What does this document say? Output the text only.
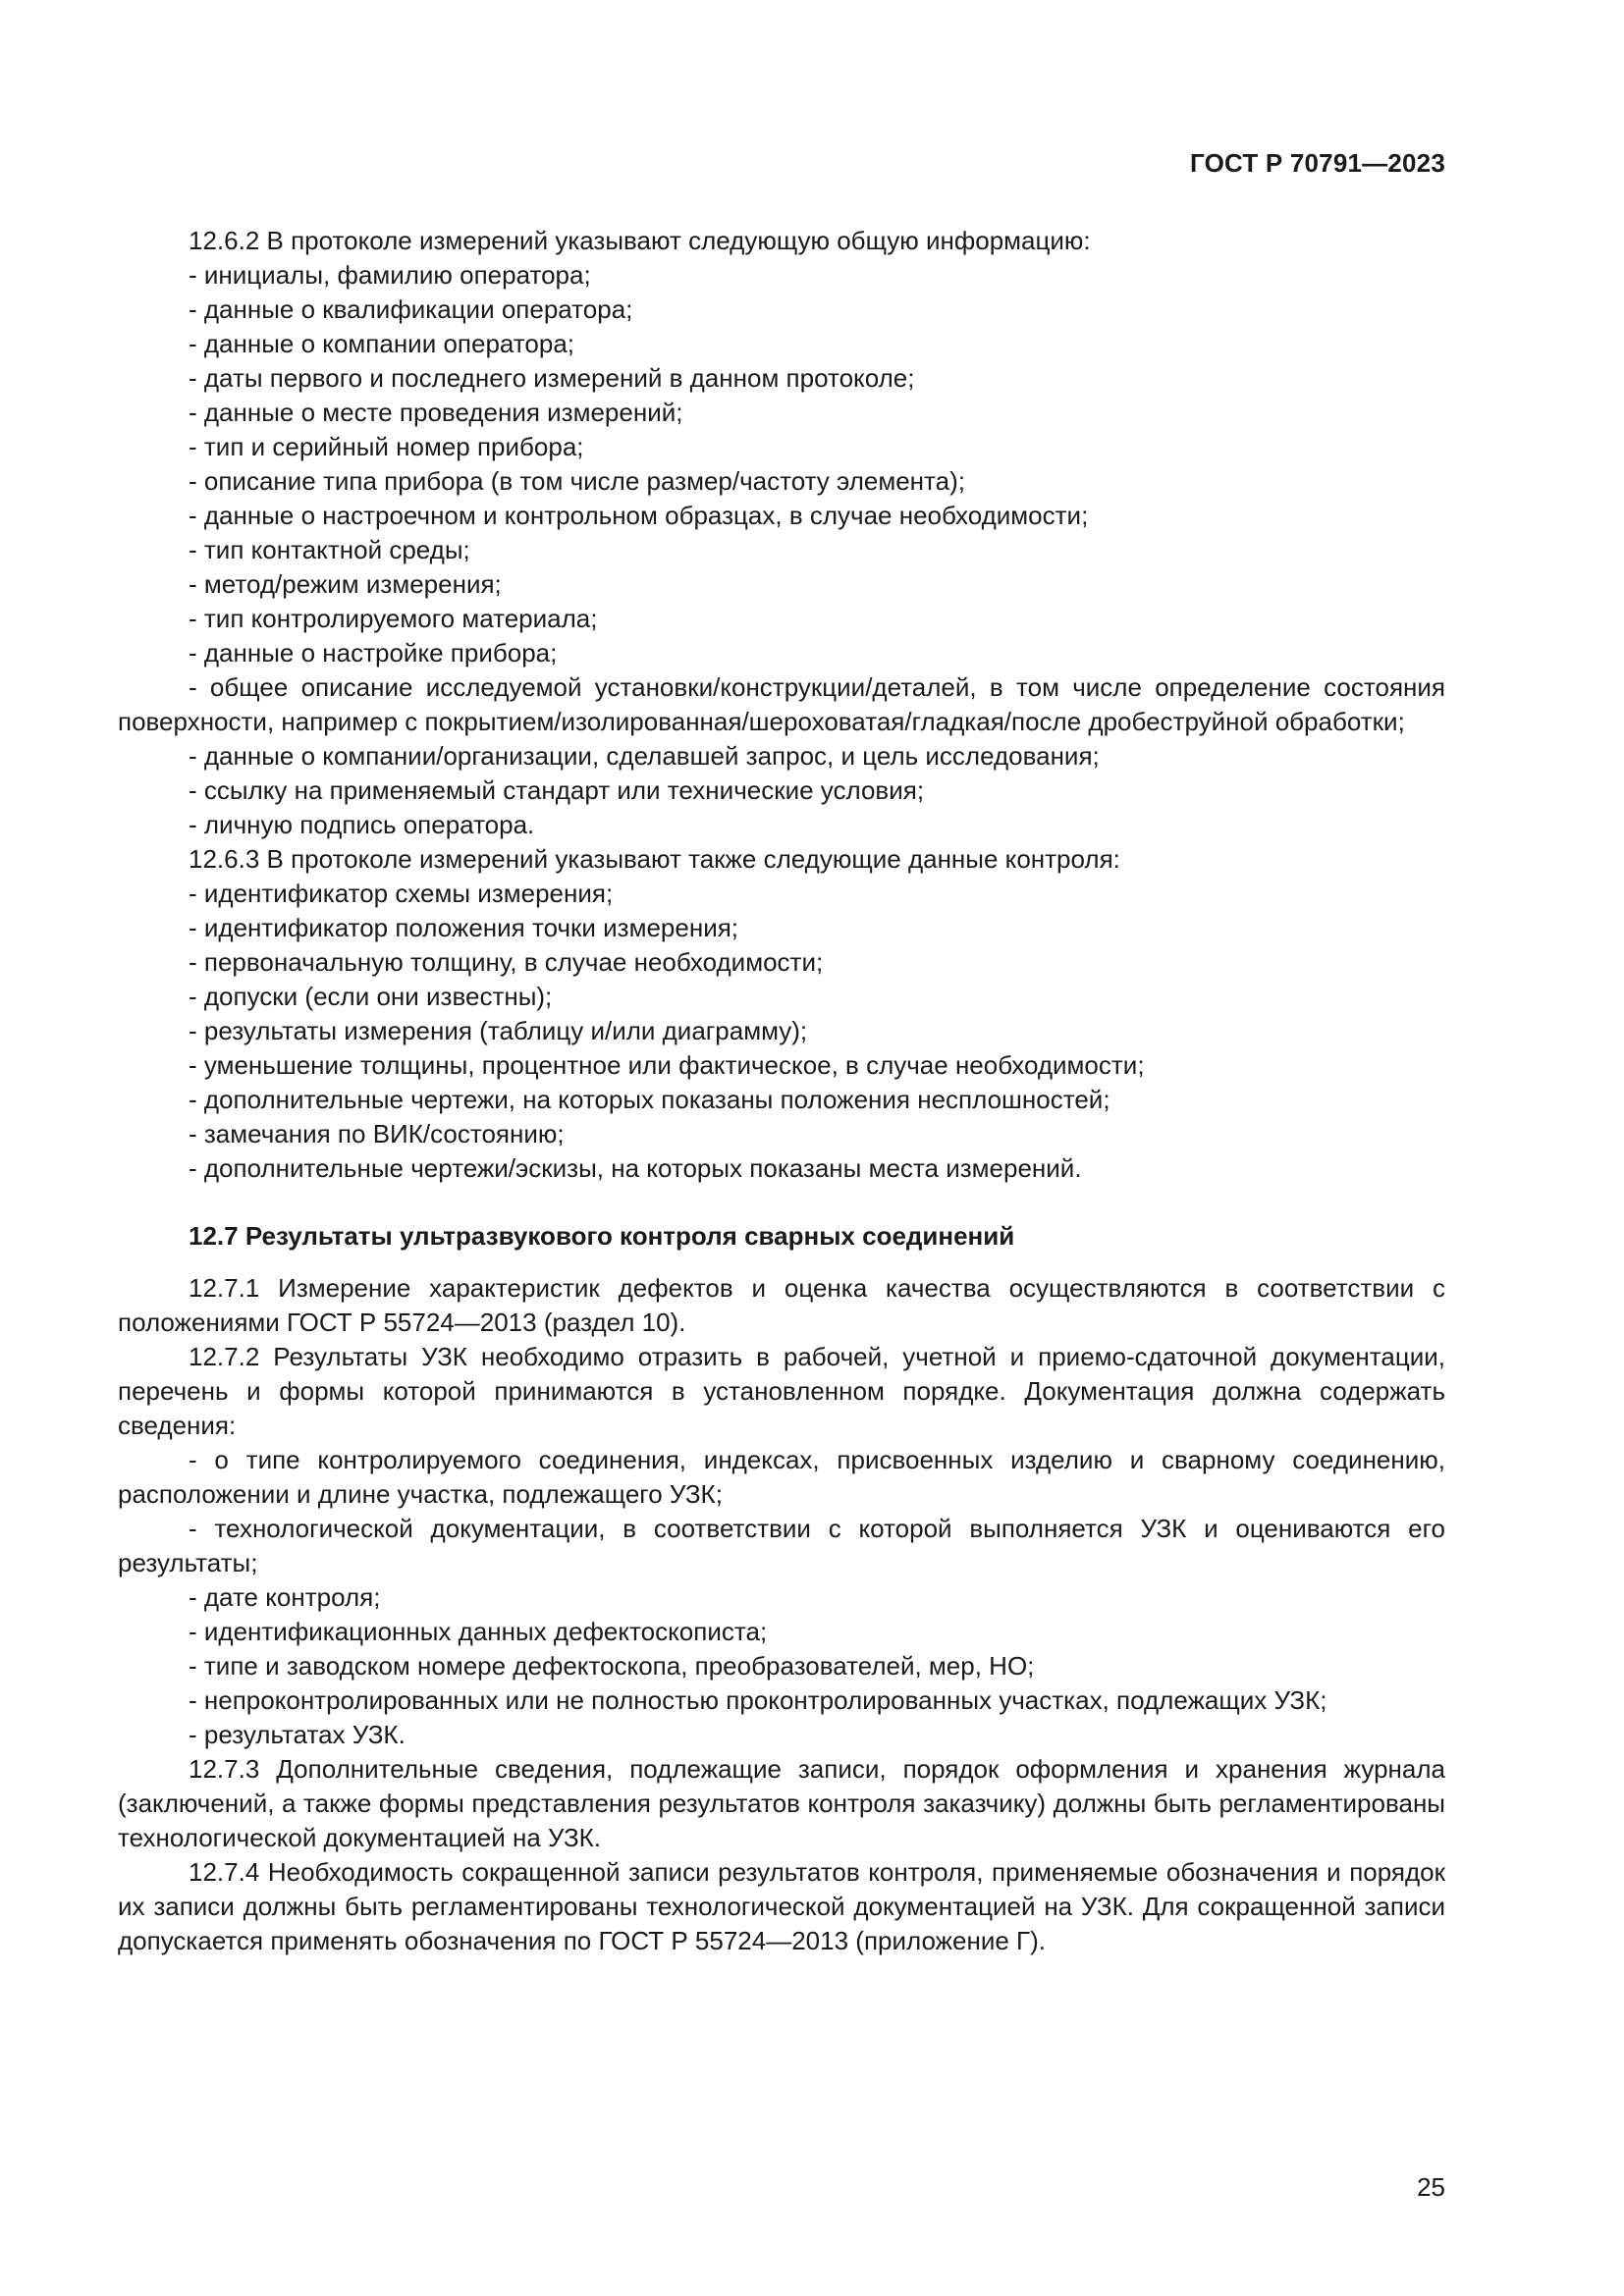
ГОСТ Р 70791—2023

12.6.2 В протоколе измерений указывают следующую общую информацию:

- инициалы, фамилию оператора;

- данные о квалификации оператора;

- данные о компании оператора;

- даты первого и последнего измерений в данном протоколе;

- данные о месте проведения измерений;

- тип и серийный номер прибора;

- описание типа прибора (в том числе размер/частоту элемента);

- данные о настроечном и контрольном образцах, в случае необходимости;

- тип контактной среды;

- метод/режим измерения;

- тип контролируемого материала;

- данные о настройке прибора;

- общее описание исследуемой установки/конструкции/деталей, в том числе определение состояния поверхности, например с покрытием/изолированная/шероховатая/гладкая/после дробеструйной обработки;

- данные о компании/организации, сделавшей запрос, и цель исследования;

- ссылку на применяемый стандарт или технические условия;

- личную подпись оператора.

12.6.3 В протоколе измерений указывают также следующие данные контроля:

- идентификатор схемы измерения;

- идентификатор положения точки измерения;

- первоначальную толщину, в случае необходимости;

- допуски (если они известны);

- результаты измерения (таблицу и/или диаграмму);

- уменьшение толщины, процентное или фактическое, в случае необходимости;

- дополнительные чертежи, на которых показаны положения несплошностей;

- замечания по ВИК/состоянию;

- дополнительные чертежи/эскизы, на которых показаны места измерений.

12.7 Результаты ультразвукового контроля сварных соединений

12.7.1 Измерение характеристик дефектов и оценка качества осуществляются в соответствии с положениями ГОСТ Р 55724—2013 (раздел 10).

12.7.2 Результаты УЗК необходимо отразить в рабочей, учетной и приемо-сдаточной документации, перечень и формы которой принимаются в установленном порядке. Документация должна содержать сведения:

- о типе контролируемого соединения, индексах, присвоенных изделию и сварному соединению, расположении и длине участка, подлежащего УЗК;

- технологической документации, в соответствии с которой выполняется УЗК и оцениваются его результаты;

- дате контроля;

- идентификационных данных дефектоскописта;

- типе и заводском номере дефектоскопа, преобразователей, мер, НО;

- непроконтролированных или не полностью проконтролированных участках, подлежащих УЗК;

- результатах УЗК.

12.7.3 Дополнительные сведения, подлежащие записи, порядок оформления и хранения журнала (заключений, а также формы представления результатов контроля заказчику) должны быть регламентированы технологической документацией на УЗК.

12.7.4 Необходимость сокращенной записи результатов контроля, применяемые обозначения и порядок их записи должны быть регламентированы технологической документацией на УЗК. Для сокращенной записи допускается применять обозначения по ГОСТ Р 55724—2013 (приложение Г).

25
